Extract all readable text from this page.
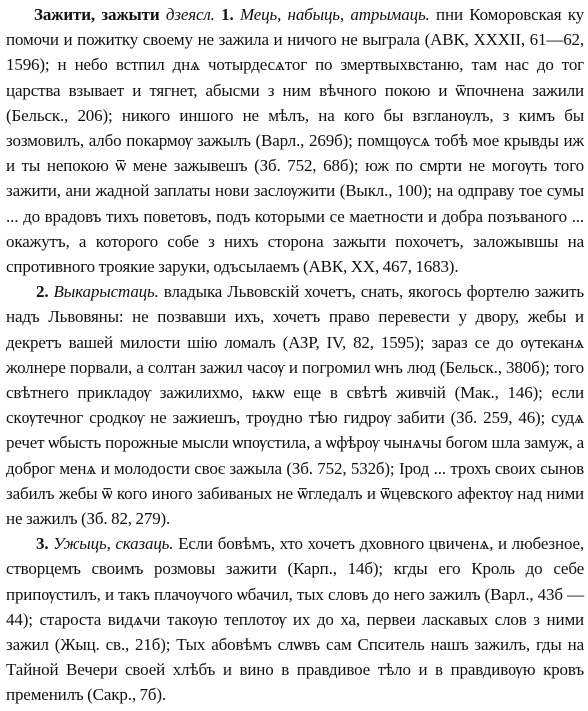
Зажити, зажыти дзеясл. 1. Мець, набыць, атрымаць. пни Коморовская ку помочи и пожитку своему не зажила и ничого не выграла (АВК, XXXII, 61—62, 1596); н небо встпил днѧ чотырдесѧтог по змертвыхвстаню, там нас до тог царства взывает и тягнет, абысми з ним вѣчного покою и ѿпочнена зажили (Бельск., 206); никого иншого не мѣлъ, на кого бы взгланѹлъ, з кимъ бы зозмовилъ, албо покармѹ зажылъ (Варл., 269б); помщѹсѧ тобѣ мое крывды иж и ты непокою ѿ мене зажывешъ (Зб. 752, 68б); юж по смрти не могѹть того зажити, ани жадной заплаты нови заслѹжити (Выкл., 100); на одправу тое сумы ... до врадовъ тихъ поветовъ, подъ которыми се маетности и добра позъваного ... окажутъ, а которого собе з нихъ сторона зажыти похочетъ, заложывшы на спротивного троякие заруки, одъсылаемъ (АВК, XX, 467, 1683).

2. Выкарыстаць. владыка Львовскій хочетъ, снать, якогось фортелю зажить надъ Львовяны: не позвавши ихъ, хочетъ право перевести у двору, жебы и декретъ вашей милости шію ломалъ (АЗР, IV, 82, 1595); зараз се до ѹтеканѧ жолнере порвали, а солтан зажил часѹ и погромил ѡнъ люд (Бельск., 380б); того свѣтнего прикладѹ зажилихмо, ѩкѡ еще в свѣтѣ живчій (Мак., 146); если скѹтечног сродкѹ не зажиешъ, трѹдно тѣю гидрѹ забити (Зб. 259, 46); судѧ речет ѡбысть порожные мысли ѡпѹстила, а ѡфѣрѹ чынѧчы богом шла замуж, а доброг менѧ и молодости своє зажыла (Зб. 752, 532б); Ірод ... трохъ своих сынов забилъ жебы ѿ кого иного забиваных не ѿгледалъ и ѿцевского афектѹ над ними не зажилъ (Зб. 82, 279).

3. Ужыць, сказаць. Если бовѣмъ, хто хочетъ дховного цвиченѧ, и любезное, створцемъ своимъ розмовы зажити (Карп., 14б); кгды его Кроль до себе припѹстилъ, и такъ плачѹчого ѡбачил, тых словъ до него зажилъ (Варл., 43б — 44); староста видѧчи такѹю теплотѹ их до ха, первеи ласкавых слов з ними зажил (Жыц. св., 21б); Тых абовѣмъ слѡвъ сам Спситель нашъ зажилъ, гды на Тайной Вечери своей хлѣбъ и вино в правдивое тѣло и в правдивѹю кровъ пременилъ (Сакр., 7б).
